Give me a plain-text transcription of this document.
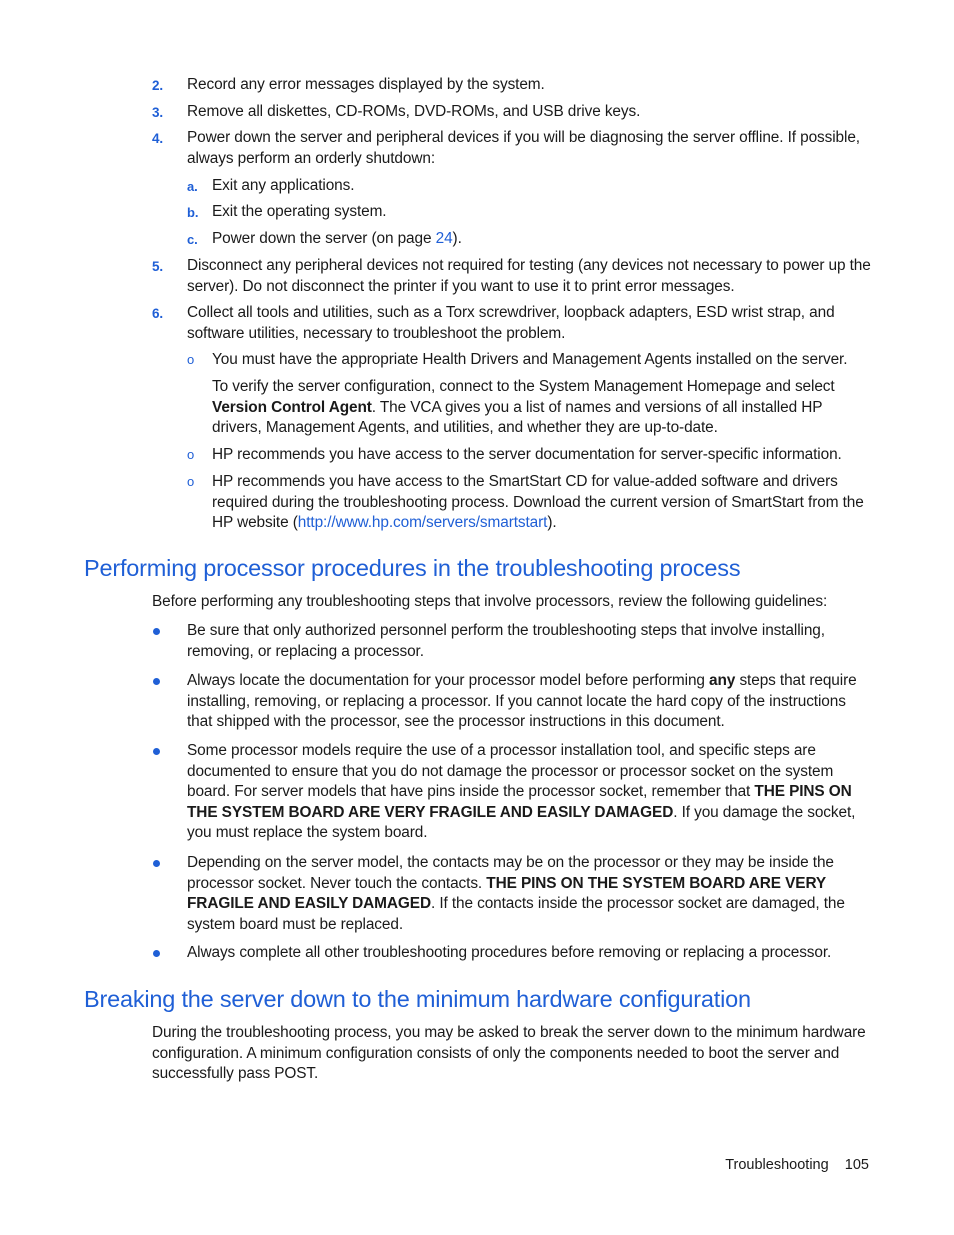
2. Record any error messages displayed by the system.
3. Remove all diskettes, CD-ROMs, DVD-ROMs, and USB drive keys.
4. Power down the server and peripheral devices if you will be diagnosing the server offline. If possible, always perform an orderly shutdown:
a. Exit any applications.
b. Exit the operating system.
c. Power down the server (on page 24).
5. Disconnect any peripheral devices not required for testing (any devices not necessary to power up the server). Do not disconnect the printer if you want to use it to print error messages.
6. Collect all tools and utilities, such as a Torx screwdriver, loopback adapters, ESD wrist strap, and software utilities, necessary to troubleshoot the problem.
o You must have the appropriate Health Drivers and Management Agents installed on the server.
To verify the server configuration, connect to the System Management Homepage and select Version Control Agent. The VCA gives you a list of names and versions of all installed HP drivers, Management Agents, and utilities, and whether they are up-to-date.
o HP recommends you have access to the server documentation for server-specific information.
o HP recommends you have access to the SmartStart CD for value-added software and drivers required during the troubleshooting process. Download the current version of SmartStart from the HP website (http://www.hp.com/servers/smartstart).
Performing processor procedures in the troubleshooting process
Before performing any troubleshooting steps that involve processors, review the following guidelines:
Be sure that only authorized personnel perform the troubleshooting steps that involve installing, removing, or replacing a processor.
Always locate the documentation for your processor model before performing any steps that require installing, removing, or replacing a processor. If you cannot locate the hard copy of the instructions that shipped with the processor, see the processor instructions in this document.
Some processor models require the use of a processor installation tool, and specific steps are documented to ensure that you do not damage the processor or processor socket on the system board. For server models that have pins inside the processor socket, remember that THE PINS ON THE SYSTEM BOARD ARE VERY FRAGILE AND EASILY DAMAGED. If you damage the socket, you must replace the system board.
Depending on the server model, the contacts may be on the processor or they may be inside the processor socket. Never touch the contacts. THE PINS ON THE SYSTEM BOARD ARE VERY FRAGILE AND EASILY DAMAGED. If the contacts inside the processor socket are damaged, the system board must be replaced.
Always complete all other troubleshooting procedures before removing or replacing a processor.
Breaking the server down to the minimum hardware configuration
During the troubleshooting process, you may be asked to break the server down to the minimum hardware configuration. A minimum configuration consists of only the components needed to boot the server and successfully pass POST.
Troubleshooting 105
